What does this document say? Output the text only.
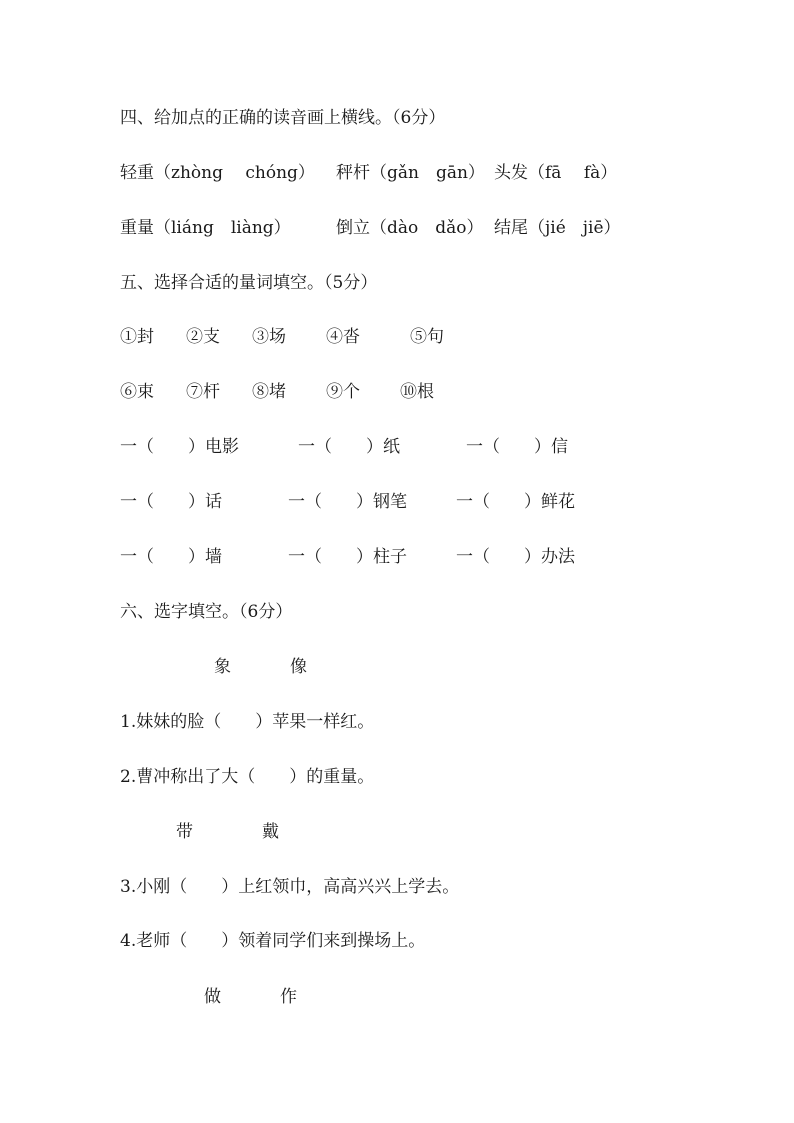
四、给加点的正确的读音画上横线。（6分）
轻重（zhòng　 chóng） 秤杆（gǎn　gān） 头发（fā　 fà）
重量（liáng　liàng）	倒立（dào　dǎo） 结尾（jié　jiē）
五、选择合适的量词填空。（5分）
①封 ②支 ③场 ④沓	⑤句
⑥束 ⑦杆 ⑧堵 ⑨个 ⑩根
一（　　）电影	一（　　）纸	一（　　）信
一（　　）话	一（　　）钢笔	一（　　）鲜花
一（　　）墙	一（　　）柱子	一（　　）办法
六、选字填空。（6分）
象	像
1.妹妹的脸（　　）苹果一样红。
2.曹冲称出了大（　　）的重量。
带	戴
3.小刚（　　）上红领巾，高高兴兴上学去。
4.老师（　　）领着同学们来到操场上。
做	作
